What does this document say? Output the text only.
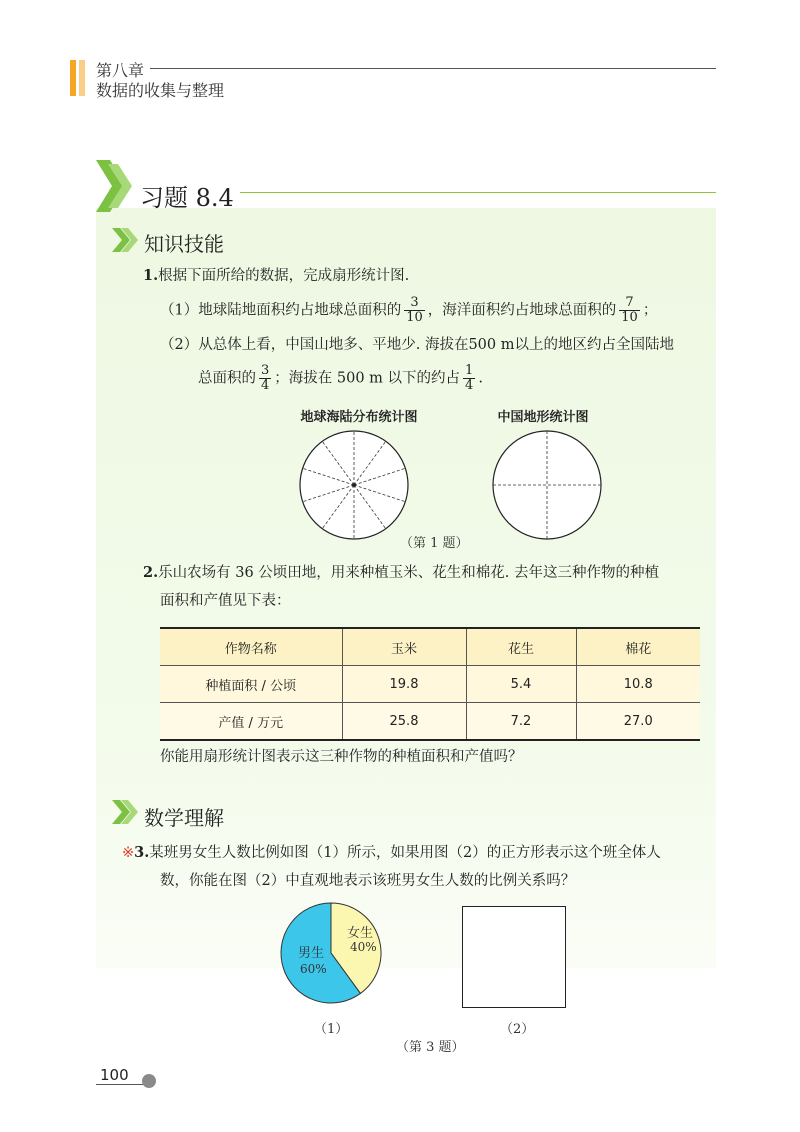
第八章
数据的收集与整理
习题 8.4
知识技能
1.根据下面所给的数据，完成扇形统计图.
（1）地球陆地面积约占地球总面积的 $\frac{3}{10}$ ，海洋面积约占地球总面积的 $\frac{7}{10}$ ；
（2）从总体上看，中国山地多、平地少. 海拔在500 m以上的地区约占全国陆地
总面积的 $\frac{3}{4}$ ；海拔在 500 m 以下的约占 $\frac{1}{4}$ .
地球海陆分布统计图	中国地形统计图
（第 1 题）
2.乐山农场有 36 公顷田地，用来种植玉米、花生和棉花. 去年这三种作物的种植
面积和产值见下表：
作物名称	玉米	花生	棉花
种植面积 / 公顷	19.8	5.4	10.8
产值 / 万元	25.8	7.2	27.0
你能用扇形统计图表示这三种作物的种植面积和产值吗？
数学理解
※3.某班男女生人数比例如图（1）所示，如果用图（2）的正方形表示这个班全体人
数，你能在图（2）中直观地表示该班男女生人数的比例关系吗？
女生
40%
男生
60%
（1）	（2）
（第 3 题）
100
